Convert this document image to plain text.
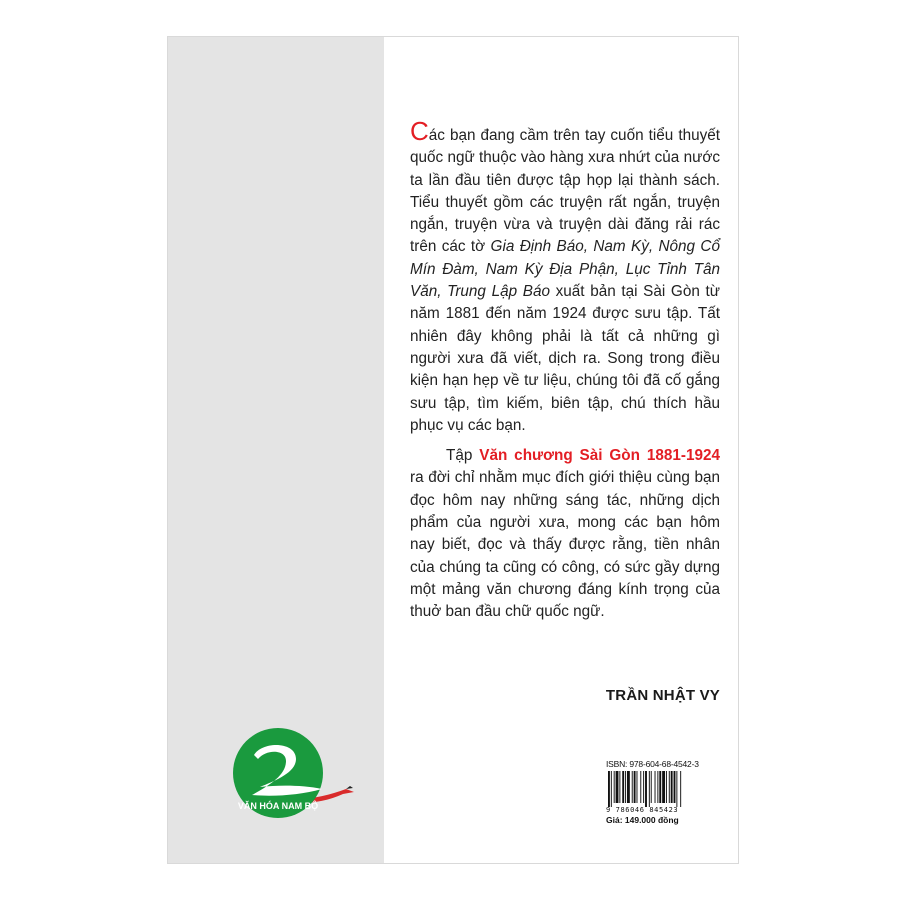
Các bạn đang cầm trên tay cuốn tiểu thuyết quốc ngữ thuộc vào hàng xưa nhứt của nước ta lần đầu tiên được tập họp lại thành sách. Tiểu thuyết gồm các truyện rất ngắn, truyện ngắn, truyện vừa và truyện dài đăng rải rác trên các tờ Gia Định Báo, Nam Kỳ, Nông Cổ Mín Đàm, Nam Kỳ Địa Phận, Lục Tỉnh Tân Văn, Trung Lập Báo xuất bản tại Sài Gòn từ năm 1881 đến năm 1924 được sưu tập. Tất nhiên đây không phải là tất cả những gì người xưa đã viết, dịch ra. Song trong điều kiện hạn hẹp về tư liệu, chúng tôi đã cố gắng sưu tập, tìm kiếm, biên tập, chú thích hầu phục vụ các bạn.

Tập Văn chương Sài Gòn 1881-1924 ra đời chỉ nhằm mục đích giới thiệu cùng bạn đọc hôm nay những sáng tác, những dịch phẩm của người xưa, mong các bạn hôm nay biết, đọc và thấy được rằng, tiền nhân của chúng ta cũng có công, có sức gầy dựng một mảng văn chương đáng kính trọng của thuở ban đầu chữ quốc ngữ.

TRẦN NHẬT VY
VĂN HÓA NAM BỘ
ISBN: 978-604-68-4542-3
9 786046 845423
Giá: 149.000 đồng
